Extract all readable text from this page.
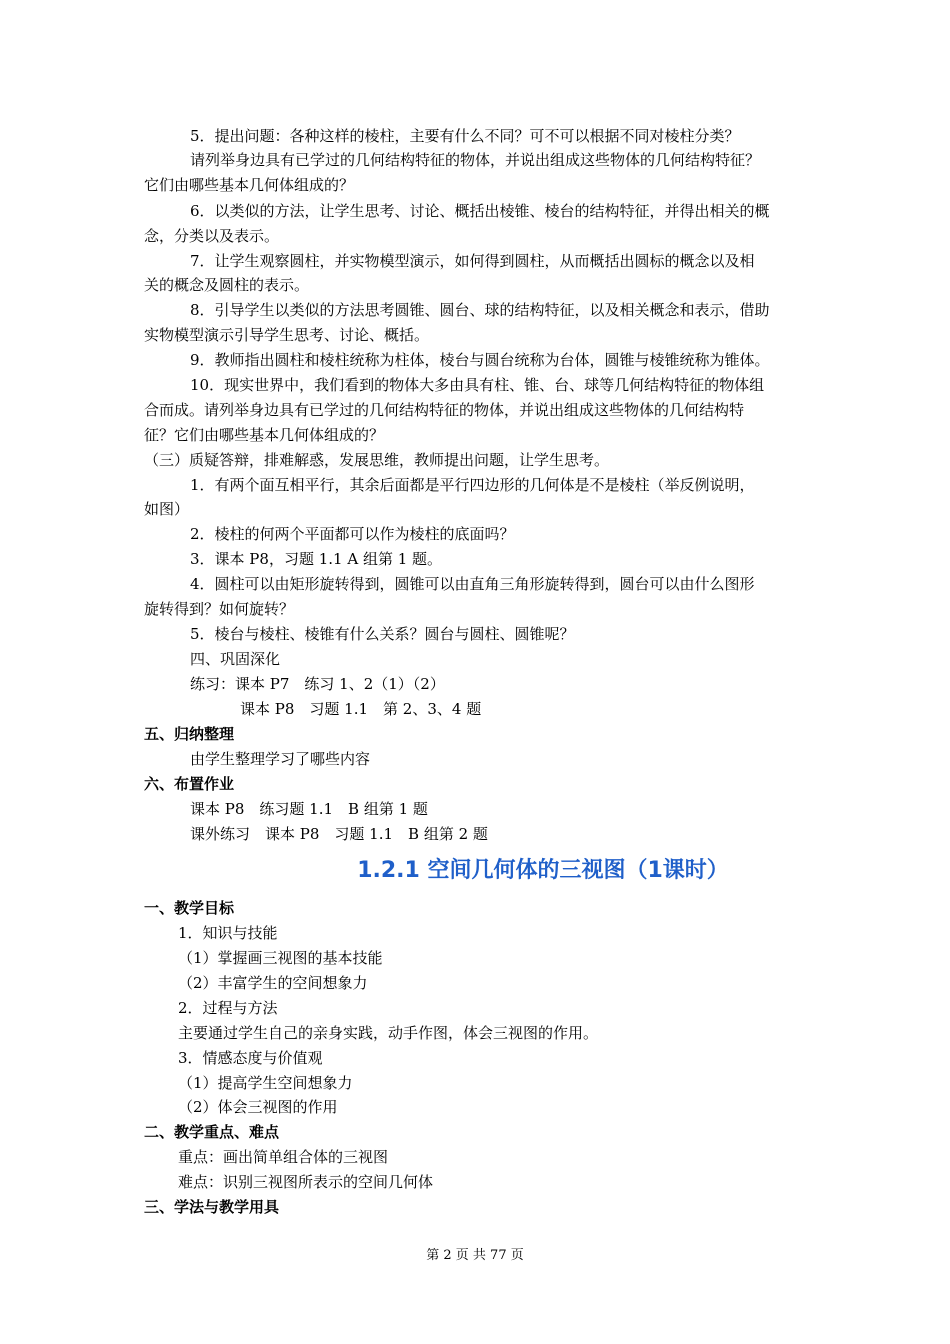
5．提出问题：各种这样的棱柱，主要有什么不同？可不可以根据不同对棱柱分类？
请列举身边具有已学过的几何结构特征的物体，并说出组成这些物体的几何结构特征？
它们由哪些基本几何体组成的？
6．以类似的方法，让学生思考、讨论、概括出棱锥、棱台的结构特征，并得出相关的概
念，分类以及表示。
7．让学生观察圆柱，并实物模型演示，如何得到圆柱，从而概括出圆标的概念以及相
关的概念及圆柱的表示。
8．引导学生以类似的方法思考圆锥、圆台、球的结构特征，以及相关概念和表示，借助
实物模型演示引导学生思考、讨论、概括。
9．教师指出圆柱和棱柱统称为柱体，棱台与圆台统称为台体，圆锥与棱锥统称为锥体。
10．现实世界中，我们看到的物体大多由具有柱、锥、台、球等几何结构特征的物体组
合而成。请列举身边具有已学过的几何结构特征的物体，并说出组成这些物体的几何结构特
征？它们由哪些基本几何体组成的？
（三）质疑答辩，排难解惑，发展思维，教师提出问题，让学生思考。
1．有两个面互相平行，其余后面都是平行四边形的几何体是不是棱柱（举反例说明，
如图）
2．棱柱的何两个平面都可以作为棱柱的底面吗？
3．课本 P8，习题 1.1 A 组第 1 题。
4．圆柱可以由矩形旋转得到，圆锥可以由直角三角形旋转得到，圆台可以由什么图形
旋转得到？如何旋转？
5．棱台与棱柱、棱锥有什么关系？圆台与圆柱、圆锥呢？
四、巩固深化
练习：课本 P7　练习 1、2（1）（2）
课本 P8　习题 1.1　第 2、3、4 题
五、归纳整理
由学生整理学习了哪些内容
六、布置作业
课本 P8　练习题 1.1　B 组第 1 题
课外练习　课本 P8　习题 1.1　B 组第 2 题
1.2.1 空间几何体的三视图（1课时）
一、教学目标
1．知识与技能
（1）掌握画三视图的基本技能
（2）丰富学生的空间想象力
2．过程与方法
主要通过学生自己的亲身实践，动手作图，体会三视图的作用。
3．情感态度与价值观
（1）提高学生空间想象力
（2）体会三视图的作用
二、教学重点、难点
重点：画出简单组合体的三视图
难点：识别三视图所表示的空间几何体
三、学法与教学用具
第 2 页 共 77 页
